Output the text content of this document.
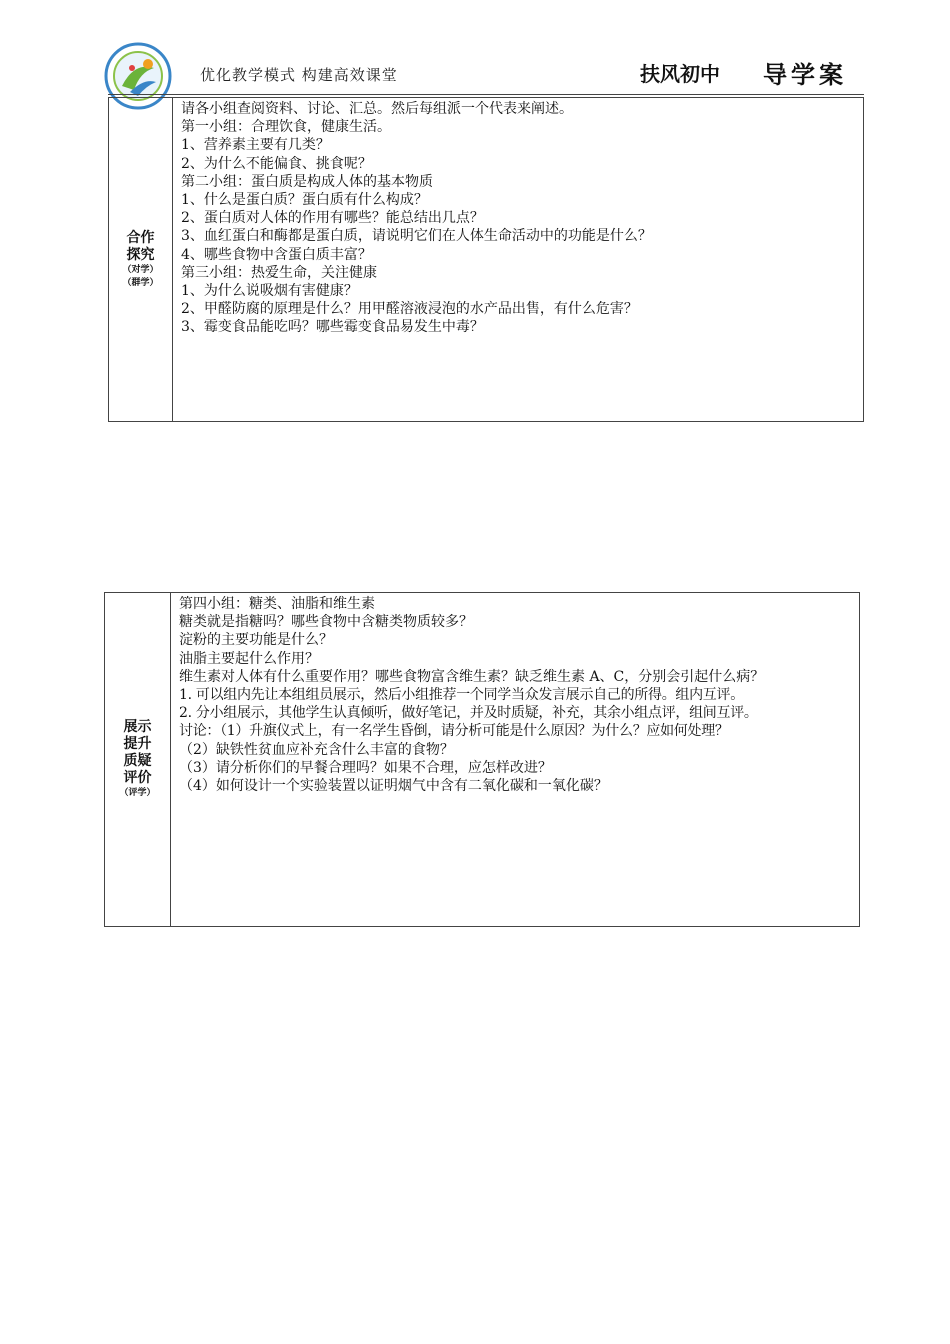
优化教学模式 构建高效课堂	扶风初中 导学案
合作
探究
（对学）
（群学）
请各小组查阅资料、讨论、汇总。然后每组派一个代表来阐述。
第一小组：合理饮食，健康生活。
1、营养素主要有几类？
2、为什么不能偏食、挑食呢？
第二小组：蛋白质是构成人体的基本物质
1、什么是蛋白质？蛋白质有什么构成？
2、蛋白质对人体的作用有哪些？能总结出几点？
3、血红蛋白和酶都是蛋白质，请说明它们在人体生命活动中的功能是什么？
4、哪些食物中含蛋白质丰富？
第三小组：热爱生命，关注健康
1、为什么说吸烟有害健康？
2、甲醛防腐的原理是什么？用甲醛溶液浸泡的水产品出售，有什么危害？
3、霉变食品能吃吗？哪些霉变食品易发生中毒？
展示
提升
质疑
评价
（评学）
第四小组：糖类、油脂和维生素
糖类就是指糖吗？哪些食物中含糖类物质较多？
淀粉的主要功能是什么？
油脂主要起什么作用？
维生素对人体有什么重要作用？哪些食物富含维生素？缺乏维生素 A、C，分别会引起什么病？
1. 可以组内先让本组组员展示，然后小组推荐一个同学当众发言展示自己的所得。组内互评。
2. 分小组展示，其他学生认真倾听，做好笔记，并及时质疑，补充，其余小组点评，组间互评。
讨论：（1）升旗仪式上，有一名学生昏倒，请分析可能是什么原因？为什么？应如何处理？
（2）缺铁性贫血应补充含什么丰富的食物？
（3）请分析你们的早餐合理吗？如果不合理，应怎样改进？
（4）如何设计一个实验装置以证明烟气中含有二氧化碳和一氧化碳？
